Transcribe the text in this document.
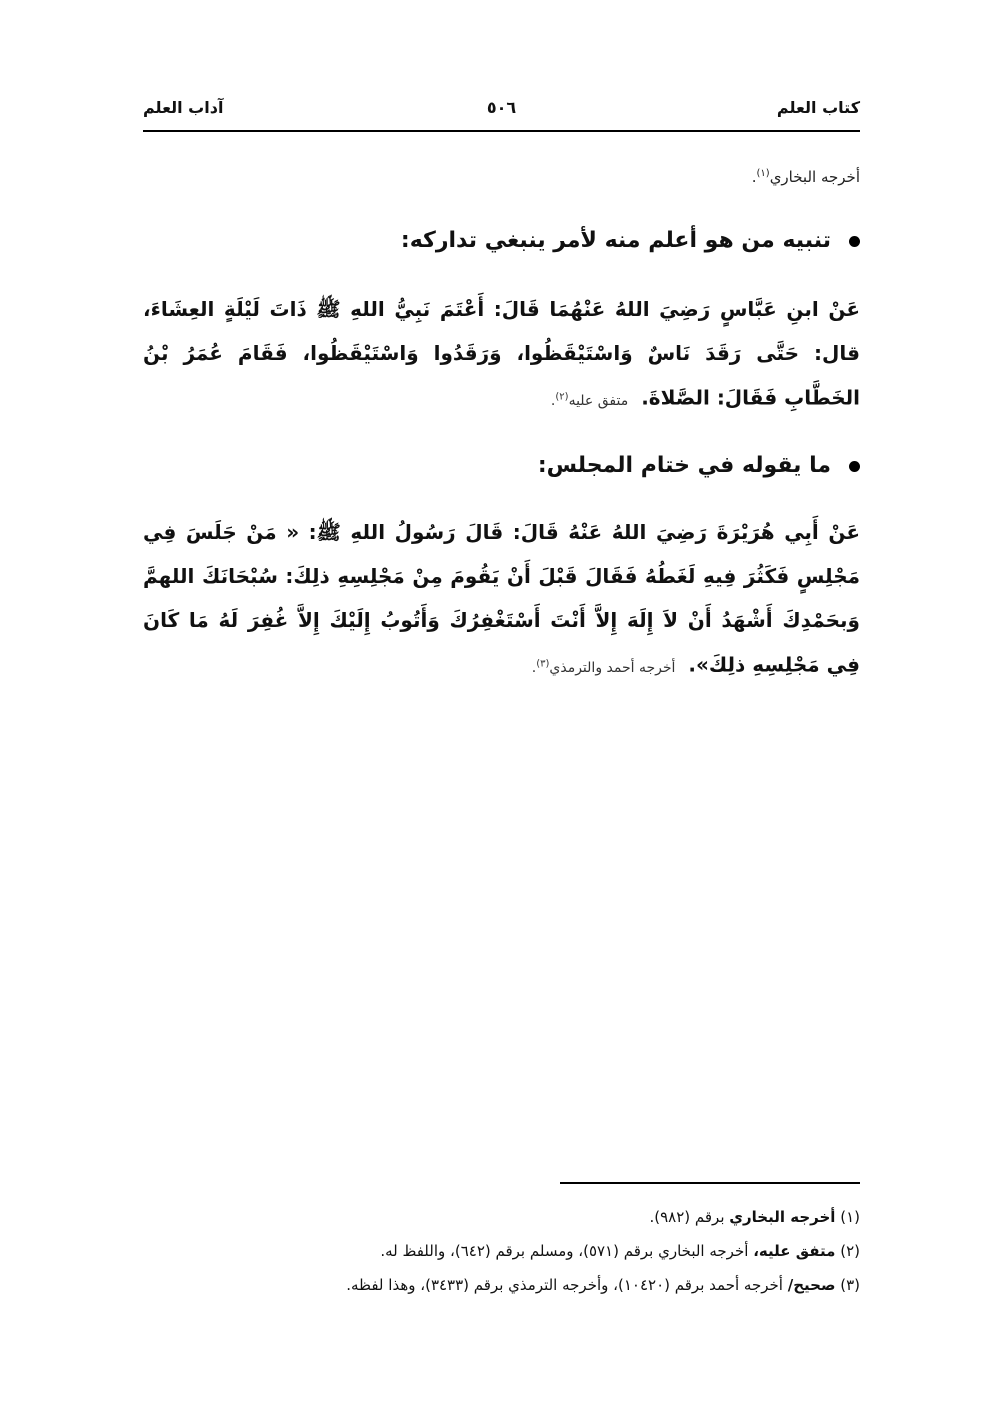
كتاب العلم
٥٠٦
آداب العلم
أخرجه البخاري$^{(١)}$.
تنبيه من هو أعلم منه لأمر ينبغي تداركه:
عَنْ ابنِ عَبَّاسٍ رَضِيَ اللهُ عَنْهُمَا قَالَ: أَعْتَمَ نَبِيُّ اللهِ ﷺ ذَاتَ لَيْلَةٍ العِشَاءَ، قال: حَتَّى رَقَدَ نَاسٌ وَاسْتَيْقَظُوا، وَرَقَدُوا وَاسْتَيْقَظُوا، فَقَامَ عُمَرُ بْنُ الخَطَّابِ فَقَالَ: الصَّلاةَ. متفق عليه$^{(٢)}$.
ما يقوله في ختام المجلس:
عَنْ أَبِي هُرَيْرَةَ رَضِيَ اللهُ عَنْهُ قَالَ: قَالَ رَسُولُ اللهِ ﷺ: « مَنْ جَلَسَ فِي مَجْلِسٍ فَكَثُرَ فِيهِ لَغَطُهُ فَقَالَ قَبْلَ أَنْ يَقُومَ مِنْ مَجْلِسِهِ ذلِكَ: سُبْحَانَكَ اللهمَّ وَبحَمْدِكَ أَشْهَدُ أَنْ لاَ إِلَهَ إِلاَّ أَنْتَ أَسْتَغْفِرُكَ وَأَتُوبُ إِلَيْكَ إِلاَّ غُفِرَ لَهُ مَا كَانَ فِي مَجْلِسِهِ ذلِكَ». أخرجه أحمد والترمذي$^{(٣)}$.
(١) أخرجه البخاري برقم (٩٨٢).
(٢) متفق عليه، أخرجه البخاري برقم (٥٧١)، ومسلم برقم (٦٤٢)، واللفظ له.
(٣) صحيح/ أخرجه أحمد برقم (١٠٤٢٠)، وأخرجه الترمذي برقم (٣٤٣٣)، وهذا لفظه.
